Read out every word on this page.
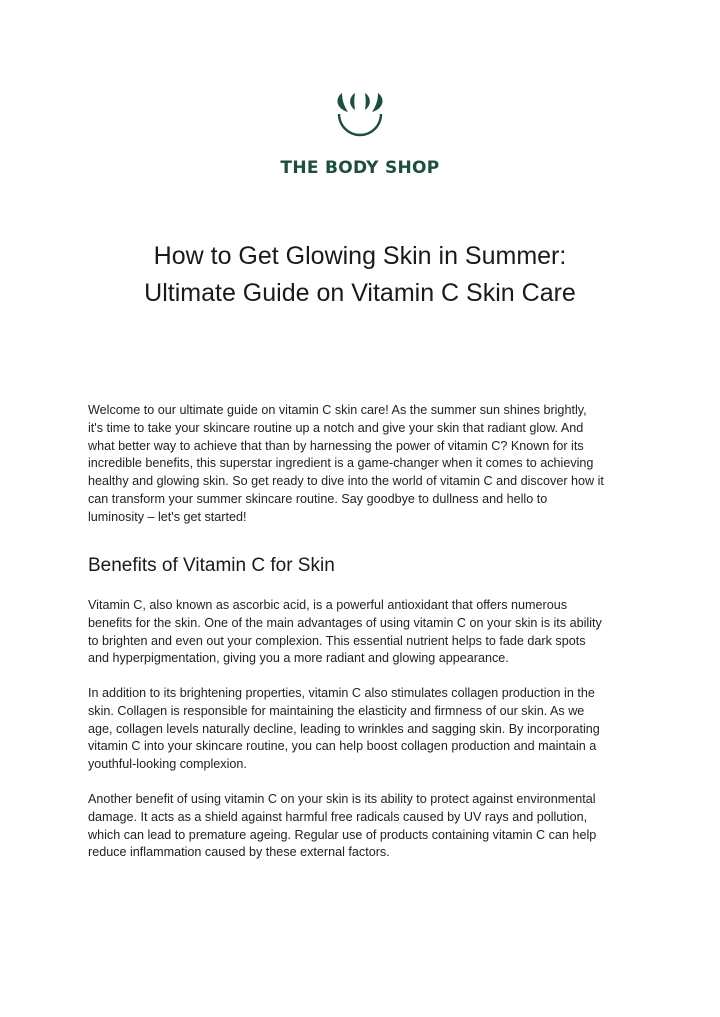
THE BODY SHOP
How to Get Glowing Skin in Summer:
Ultimate Guide on Vitamin C Skin Care

Welcome to our ultimate guide on vitamin C skin care! As the summer sun shines brightly,
it's time to take your skincare routine up a notch and give your skin that radiant glow. And
what better way to achieve that than by harnessing the power of vitamin C? Known for its
incredible benefits, this superstar ingredient is a game-changer when it comes to achieving
healthy and glowing skin. So get ready to dive into the world of vitamin C and discover how it
can transform your summer skincare routine. Say goodbye to dullness and hello to
luminosity – let's get started!

Benefits of Vitamin C for Skin

Vitamin C, also known as ascorbic acid, is a powerful antioxidant that offers numerous
benefits for the skin. One of the main advantages of using vitamin C on your skin is its ability
to brighten and even out your complexion. This essential nutrient helps to fade dark spots
and hyperpigmentation, giving you a more radiant and glowing appearance.

In addition to its brightening properties, vitamin C also stimulates collagen production in the
skin. Collagen is responsible for maintaining the elasticity and firmness of our skin. As we
age, collagen levels naturally decline, leading to wrinkles and sagging skin. By incorporating
vitamin C into your skincare routine, you can help boost collagen production and maintain a
youthful-looking complexion.

Another benefit of using vitamin C on your skin is its ability to protect against environmental
damage. It acts as a shield against harmful free radicals caused by UV rays and pollution,
which can lead to premature ageing. Regular use of products containing vitamin C can help
reduce inflammation caused by these external factors.
